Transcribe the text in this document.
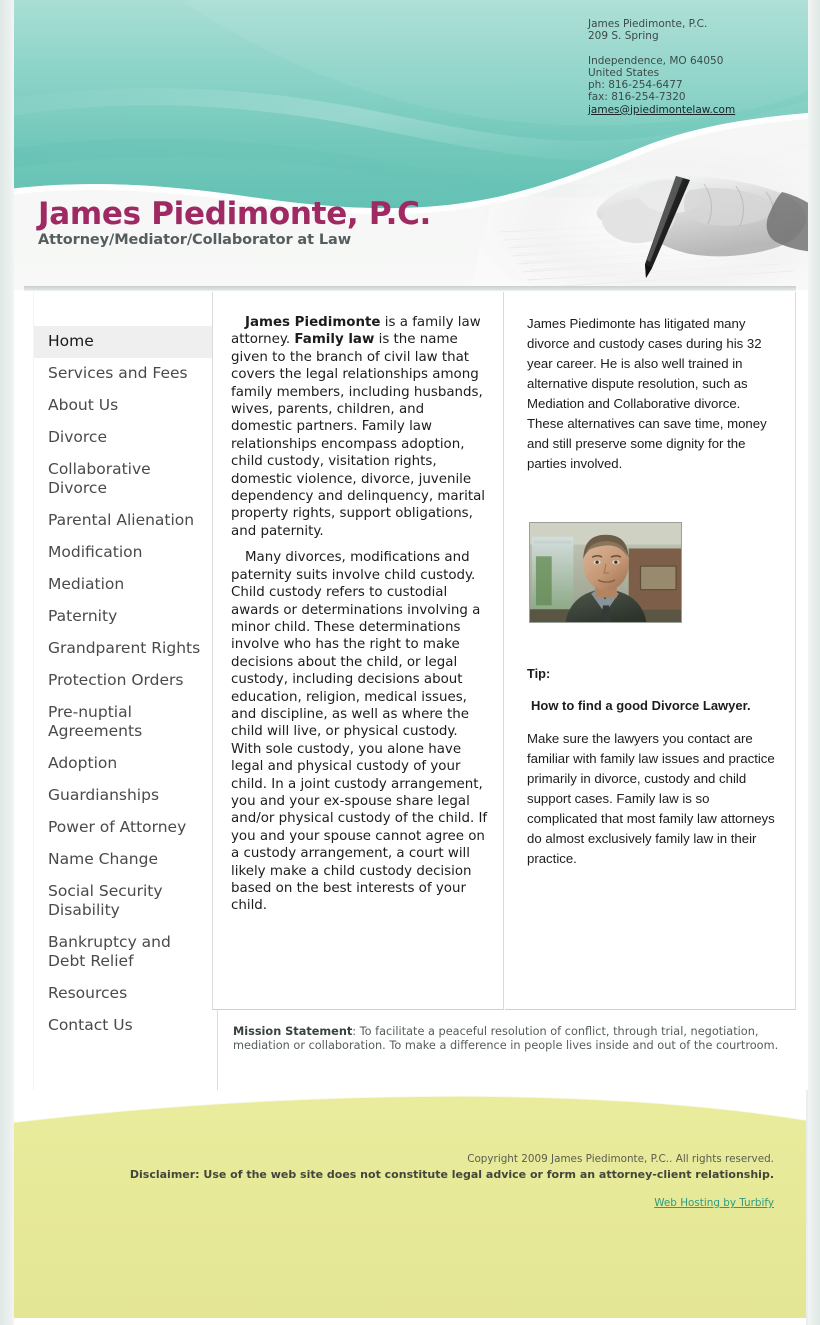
James Piedimonte, P.C.
209 S. Spring
Independence, MO 64050
United States
ph: 816-254-6477
fax: 816-254-7320
james@jpiedimontelaw.com
James Piedimonte, P.C.
Attorney/Mediator/Collaborator at Law
Home
Services and Fees
About Us
Divorce
Collaborative Divorce
Parental Alienation
Modification
Mediation
Paternity
Grandparent Rights
Protection Orders
Pre-nuptial Agreements
Adoption
Guardianships
Power of Attorney
Name Change
Social Security Disability
Bankruptcy and Debt Relief
Resources
Contact Us

James Piedimonte is a family law attorney. Family law is the name given to the branch of civil law that covers the legal relationships among family members, including husbands, wives, parents, children, and domestic partners. Family law relationships encompass adoption, child custody, visitation rights, domestic violence, divorce, juvenile dependency and delinquency, marital property rights, support obligations, and paternity.

Many divorces, modifications and paternity suits involve child custody. Child custody refers to custodial awards or determinations involving a minor child. These determinations involve who has the right to make decisions about the child, or legal custody, including decisions about education, religion, medical issues, and discipline, as well as where the child will live, or physical custody. With sole custody, you alone have legal and physical custody of your child. In a joint custody arrangement, you and your ex-spouse share legal and/or physical custody of the child. If you and your spouse cannot agree on a custody arrangement, a court will likely make a child custody decision based on the best interests of your child.

James Piedimonte has litigated many divorce and custody cases during his 32 year career. He is also well trained in alternative dispute resolution, such as Mediation and Collaborative divorce. These alternatives can save time, money and still preserve some dignity for the parties involved.

Tip:
How to find a good Divorce Lawyer.
Make sure the lawyers you contact are familiar with family law issues and practice primarily in divorce, custody and child support cases. Family law is so complicated that most family law attorneys do almost exclusively family law in their practice.
Mission Statement: To facilitate a peaceful resolution of conflict, through trial, negotiation, mediation or collaboration. To make a difference in people lives inside and out of the courtroom.
Copyright 2009 James Piedimonte, P.C.. All rights reserved.
Disclaimer: Use of the web site does not constitute legal advice or form an attorney-client relationship.
Web Hosting by Turbify
